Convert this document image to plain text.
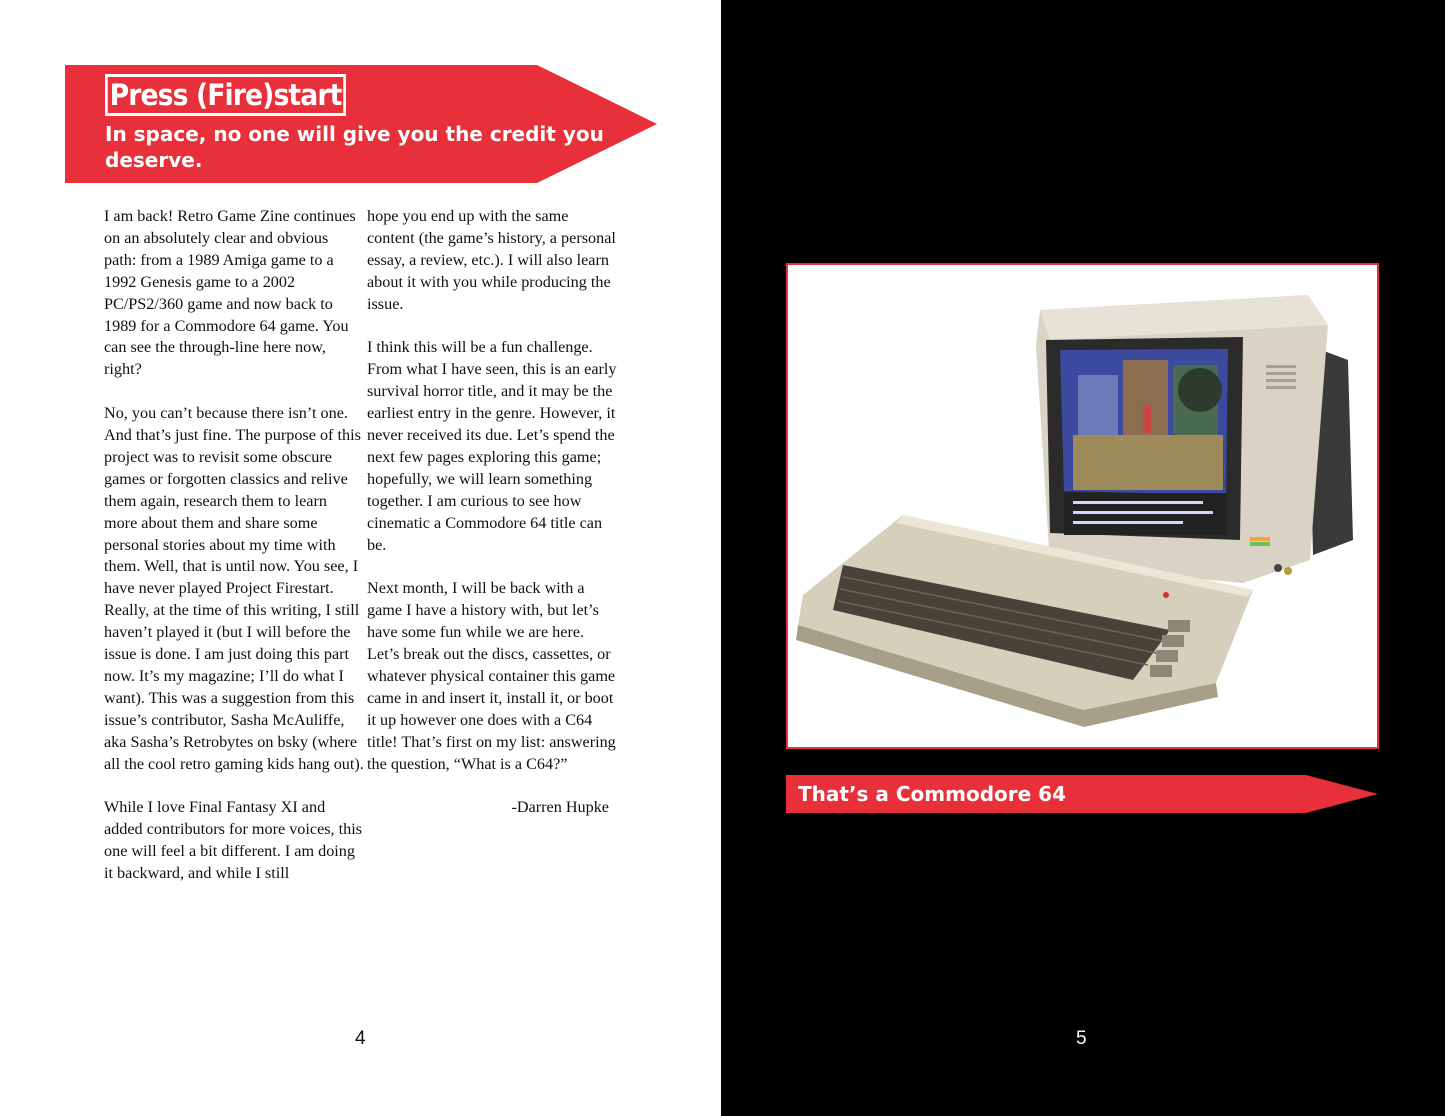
Press (Fire)start
In space, no one will give you the credit you deserve.

I am back! Retro Game Zine continues on an absolutely clear and obvious path: from a 1989 Amiga game to a 1992 Genesis game to a 2002 PC/PS2/360 game and now back to 1989 for a Commodore 64 game. You can see the through-line here now, right?

No, you can’t because there isn’t one. And that’s just fine. The purpose of this project was to revisit some obscure games or forgotten classics and relive them again, research them to learn more about them and share some personal stories about my time with them. Well, that is until now. You see, I have never played Project Firestart. Really, at the time of this writing, I still haven’t played it (but I will before the issue is done. I am just doing this part now. It’s my magazine; I’ll do what I want). This was a suggestion from this issue’s contributor, Sasha McAuliffe, aka Sasha’s Retrobytes on bsky (where all the cool retro gaming kids hang out).

While I love Final Fantasy XI and added contributors for more voices, this one will feel a bit different. I am doing it backward, and while I still

hope you end up with the same content (the game’s history, a personal essay, a review, etc.). I will also learn about it with you while producing the issue.

I think this will be a fun challenge. From what I have seen, this is an early survival horror title, and it may be the earliest entry in the genre. However, it never received its due. Let’s spend the next few pages exploring this game; hopefully, we will learn something together. I am curious to see how cinematic a Commodore 64 title can be.

Next month, I will be back with a game I have a history with, but let’s have some fun while we are here. Let’s break out the discs, cassettes, or whatever physical container this game came in and insert it, install it, or boot it up however one does with a C64 title! That’s first on my list: answering the question, “What is a C64?”

-Darren Hupke

4
That’s a Commodore 64
5
